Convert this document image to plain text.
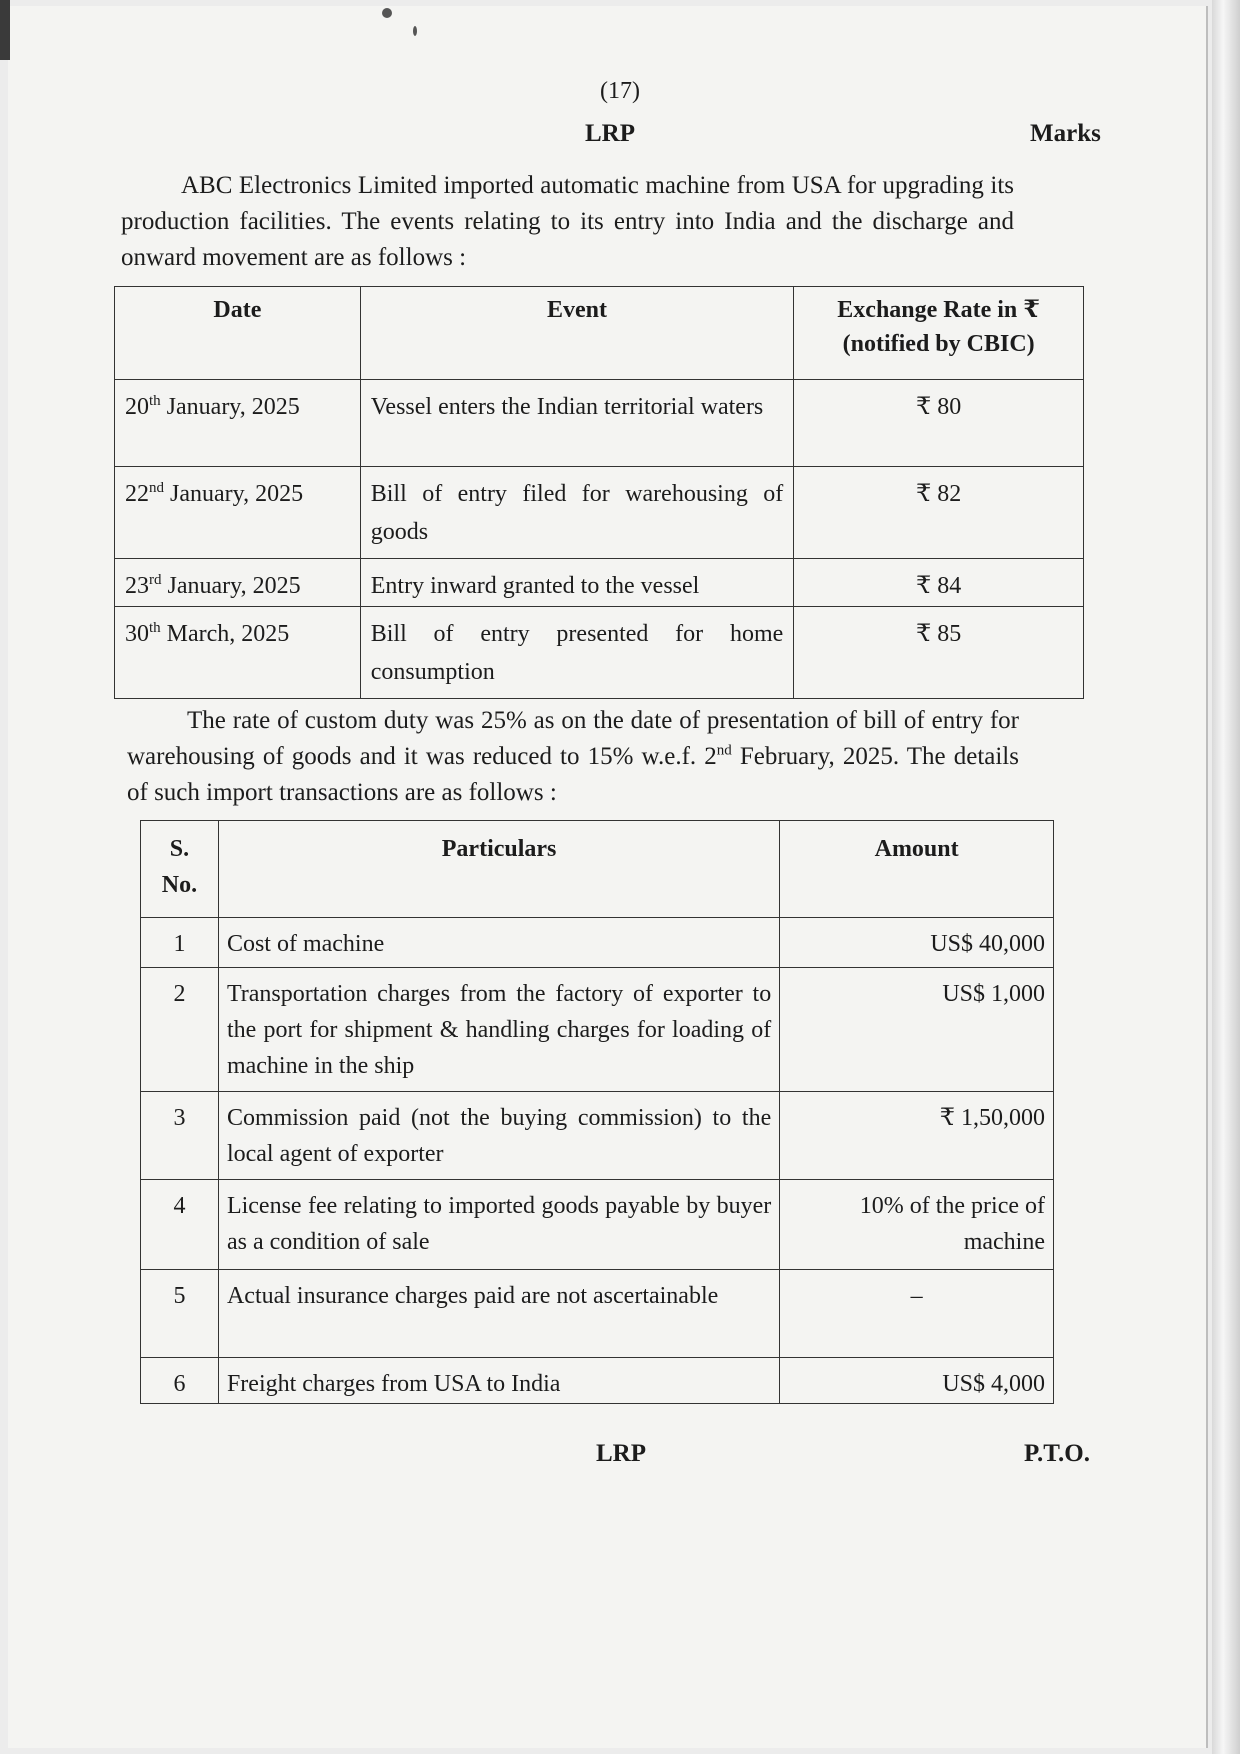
(17)
LRP	Marks
ABC Electronics Limited imported automatic machine from USA for upgrading its production facilities. The events relating to its entry into India and the discharge and onward movement are as follows :
Date	Event	Exchange Rate in ₹
(notified by CBIC)

20th January, 2025	Vessel enters the Indian territorial waters	₹ 80
22nd January, 2025	Bill of entry filed for warehousing of goods	₹ 82
23rd January, 2025	Entry inward granted to the vessel	₹ 84
30th March, 2025	Bill of entry presented for home consumption	₹ 85
The rate of custom duty was 25% as on the date of presentation of bill of entry for warehousing of goods and it was reduced to 15% w.e.f. 2nd February, 2025. The details of such import transactions are as follows :
S.
No.	Particulars	Amount
1	Cost of machine	US$ 40,000
2	Transportation charges from the factory of exporter to the port for shipment & handling charges for loading of machine in the ship	US$ 1,000
3	Commission paid (not the buying commission) to the local agent of exporter	₹ 1,50,000
4	License fee relating to imported goods payable by buyer as a condition of sale	10% of the price of machine
5	Actual insurance charges paid are not ascertainable	–
6	Freight charges from USA to India	US$ 4,000
LRP	P.T.O.
